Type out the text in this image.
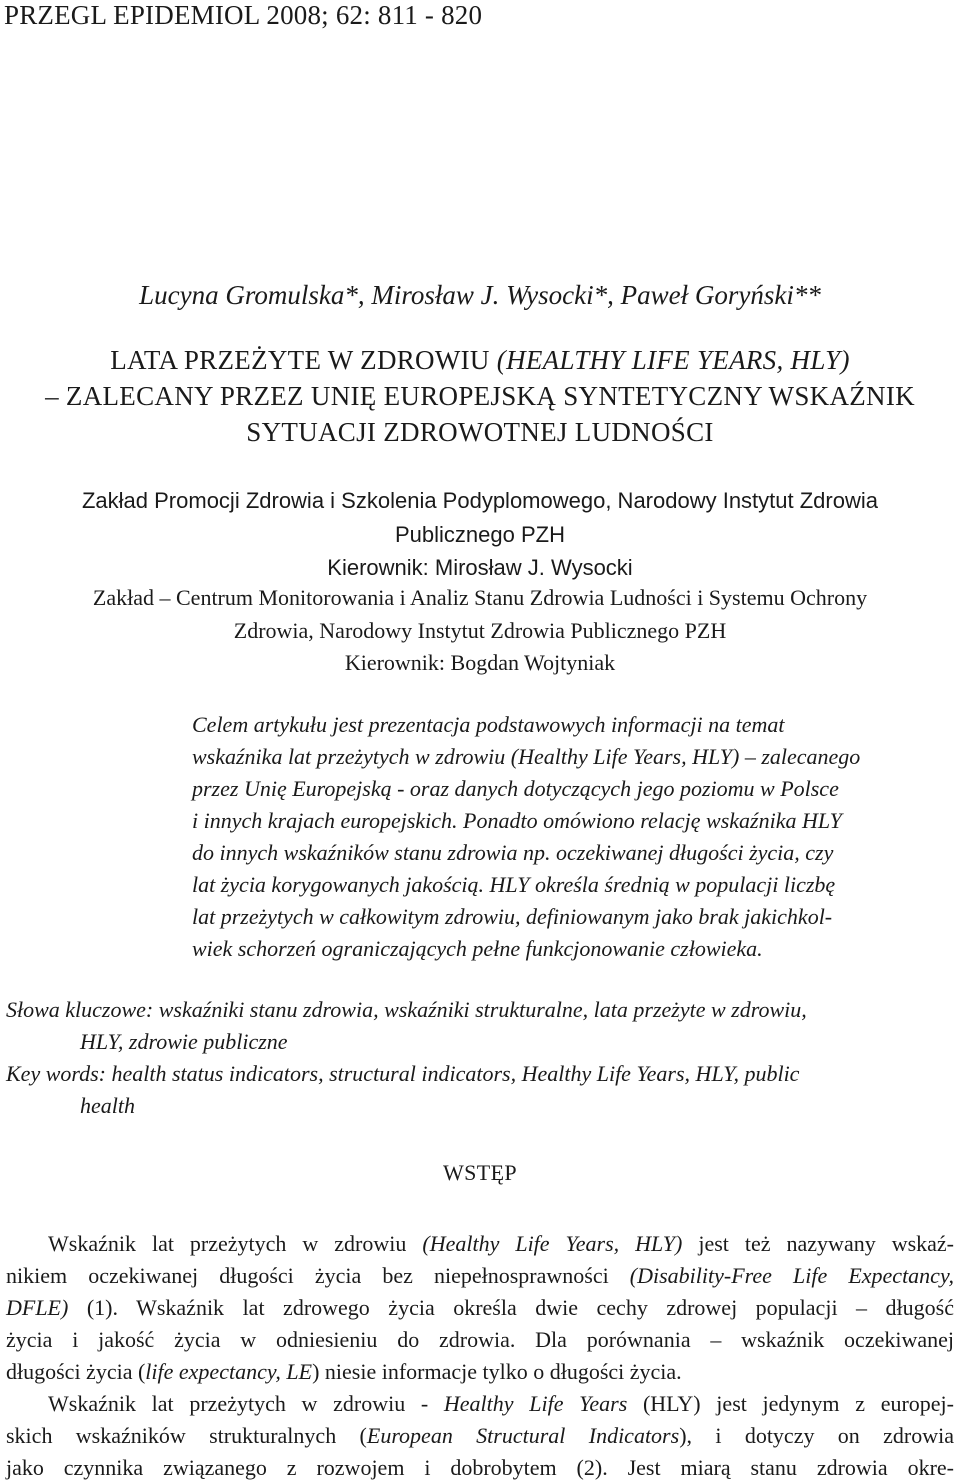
PRZEGL EPIDEMIOL 2008; 62: 811 - 820
Lucyna Gromulska*, Mirosław J. Wysocki*, Paweł Goryński**
LATA PRZEŻYTE W ZDROWIU (HEALTHY LIFE YEARS, HLY)
– ZALECANY PRZEZ UNIĘ EUROPEJSKĄ SYNTETYCZNY WSKAŹNIK
SYTUACJI ZDROWOTNEJ LUDNOŚCI
Zakład Promocji Zdrowia i Szkolenia Podyplomowego, Narodowy Instytut Zdrowia
Publicznego PZH
Kierownik: Mirosław J. Wysocki
Zakład – Centrum Monitorowania i Analiz Stanu Zdrowia Ludności i Systemu Ochrony
Zdrowia, Narodowy Instytut Zdrowia Publicznego PZH
Kierownik: Bogdan Wojtyniak
Celem artykułu jest prezentacja podstawowych informacji na temat
wskaźnika lat przeżytych w zdrowiu (Healthy Life Years, HLY) – zalecanego
przez Unię Europejską - oraz danych dotyczących jego poziomu w Polsce
i innych krajach europejskich. Ponadto omówiono relację wskaźnika HLY
do innych wskaźników stanu zdrowia np. oczekiwanej długości życia, czy
lat życia korygowanych jakością. HLY określa średnią w populacji liczbę
lat przeżytych w całkowitym zdrowiu, definiowanym jako brak jakichkol-
wiek schorzeń ograniczających pełne funkcjonowanie człowieka.
Słowa kluczowe: wskaźniki stanu zdrowia, wskaźniki strukturalne, lata przeżyte w zdrowiu,
HLY, zdrowie publiczne
Key words: health status indicators, structural indicators, Healthy Life Years, HLY, public
health
WSTĘP
Wskaźnik lat przeżytych w zdrowiu (Healthy Life Years, HLY) jest też nazywany wskaź-
nikiem oczekiwanej długości życia bez niepełnosprawności (Disability-Free Life Expectancy,
DFLE) (1). Wskaźnik lat zdrowego życia określa dwie cechy zdrowej populacji – długość
życia i jakość życia w odniesieniu do zdrowia. Dla porównania – wskaźnik oczekiwanej
długości życia (life expectancy, LE) niesie informacje tylko o długości życia.
Wskaźnik lat przeżytych w zdrowiu - Healthy Life Years (HLY) jest jedynym z europej-
skich wskaźników strukturalnych (European Structural Indicators), i dotyczy on zdrowia
jako czynnika związanego z rozwojem i dobrobytem (2). Jest miarą stanu zdrowia okre-
